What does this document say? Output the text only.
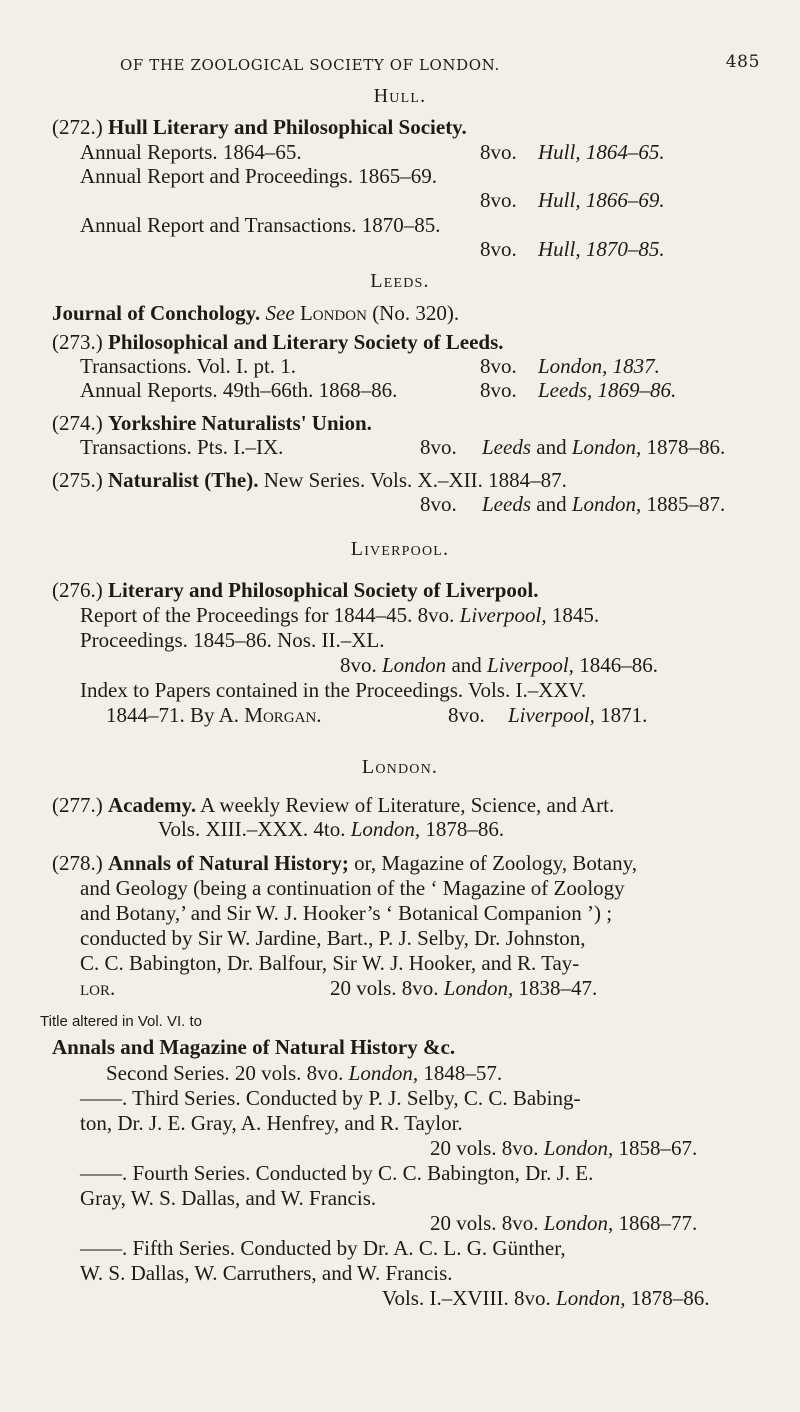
OF THE ZOOLOGICAL SOCIETY OF LONDON.	485
Hull.
(272.) Hull Literary and Philosophical Society.
Annual Reports. 1864–65.	8vo. Hull, 1864–65.
Annual Report and Proceedings. 1865–69.
8vo. Hull, 1866–69.
Annual Report and Transactions. 1870–85.
8vo. Hull, 1870–85.
Leeds.
Journal of Conchology. See London (No. 320).
(273.) Philosophical and Literary Society of Leeds.
Transactions. Vol. I. pt. 1.	8vo. London, 1837.
Annual Reports. 49th–66th. 1868–86.	8vo. Leeds, 1869–86.
(274.) Yorkshire Naturalists' Union.
Transactions. Pts. I.–IX.	8vo. Leeds and London, 1878–86.
(275.) Naturalist (The). New Series. Vols. X.–XII. 1884–87.
8vo. Leeds and London, 1885–87.
Liverpool.
(276.) Literary and Philosophical Society of Liverpool.
Report of the Proceedings for 1844–45. 8vo. Liverpool, 1845.
Proceedings. 1845–86. Nos. II.–XL.
8vo. London and Liverpool, 1846–86.
Index to Papers contained in the Proceedings. Vols. I.–XXV.
1844–71. By A. Morgan.	8vo. Liverpool, 1871.
London.
(277.) Academy. A weekly Review of Literature, Science, and Art.
Vols. XIII.–XXX. 4to. London, 1878–86.
(278.) Annals of Natural History; or, Magazine of Zoology, Botany,
and Geology (being a continuation of the ‘ Magazine of Zoology
and Botany,’ and Sir W. J. Hooker’s ‘ Botanical Companion ’) ;
conducted by Sir W. Jardine, Bart., P. J. Selby, Dr. Johnston,
C. C. Babington, Dr. Balfour, Sir W. J. Hooker, and R. Tay-
lor.	20 vols. 8vo. London, 1838–47.
Title altered in Vol. VI. to
Annals and Magazine of Natural History &c.
Second Series. 20 vols. 8vo. London, 1848–57.
——. Third Series. Conducted by P. J. Selby, C. C. Babing-
ton, Dr. J. E. Gray, A. Henfrey, and R. Taylor.
20 vols. 8vo. London, 1858–67.
——. Fourth Series. Conducted by C. C. Babington, Dr. J. E.
Gray, W. S. Dallas, and W. Francis.
20 vols. 8vo. London, 1868–77.
——. Fifth Series. Conducted by Dr. A. C. L. G. Günther,
W. S. Dallas, W. Carruthers, and W. Francis.
Vols. I.–XVIII. 8vo. London, 1878–86.
